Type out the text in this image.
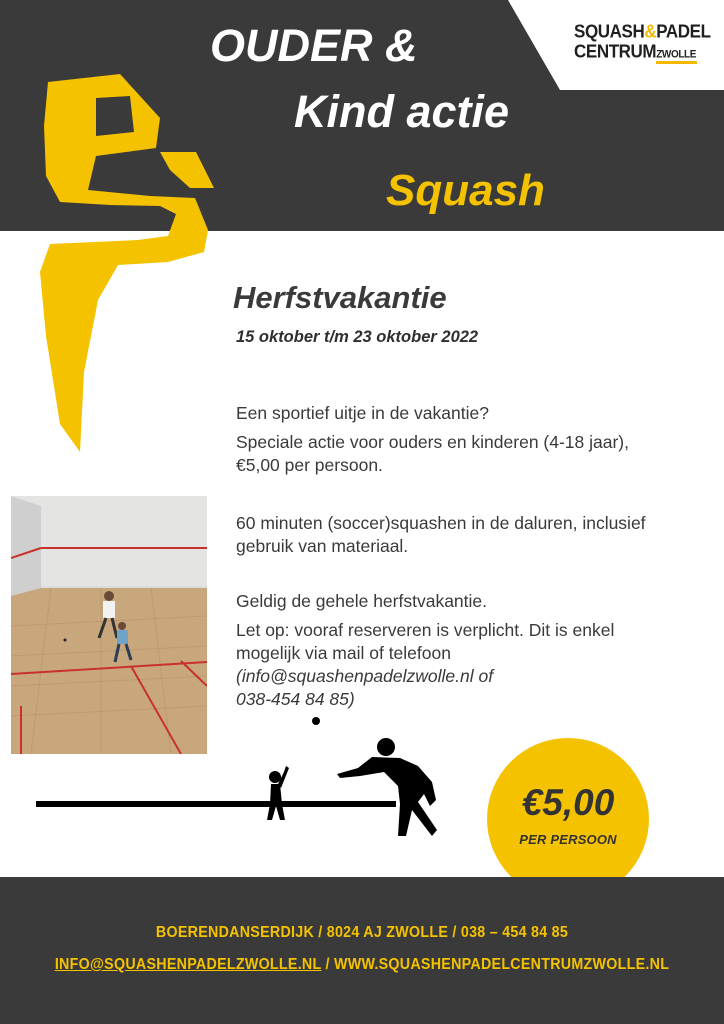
SQUASH&PADEL
CENTRUMZWOLLE
OUDER &
Kind actie
Squash
Herfstvakantie
15 oktober t/m 23 oktober 2022

Een sportief uitje in de vakantie?

Speciale actie voor ouders en kinderen (4-18 jaar), €5,00 per persoon.

60 minuten (soccer)squashen in de daluren, inclusief gebruik van materiaal.

Geldig de gehele herfstvakantie.

Let op: vooraf reserveren is verplicht. Dit is enkel mogelijk via mail of telefoon

(info@squashenpadelzwolle.nl of

038-454 84 85)

€5,00
PER PERSOON
BOERENDANSERDIJK / 8024 AJ ZWOLLE / 038 – 454 84 85
INFO@SQUASHENPADELZWOLLE.NL / WWW.SQUASHENPADELCENTRUMZWOLLE.NL
